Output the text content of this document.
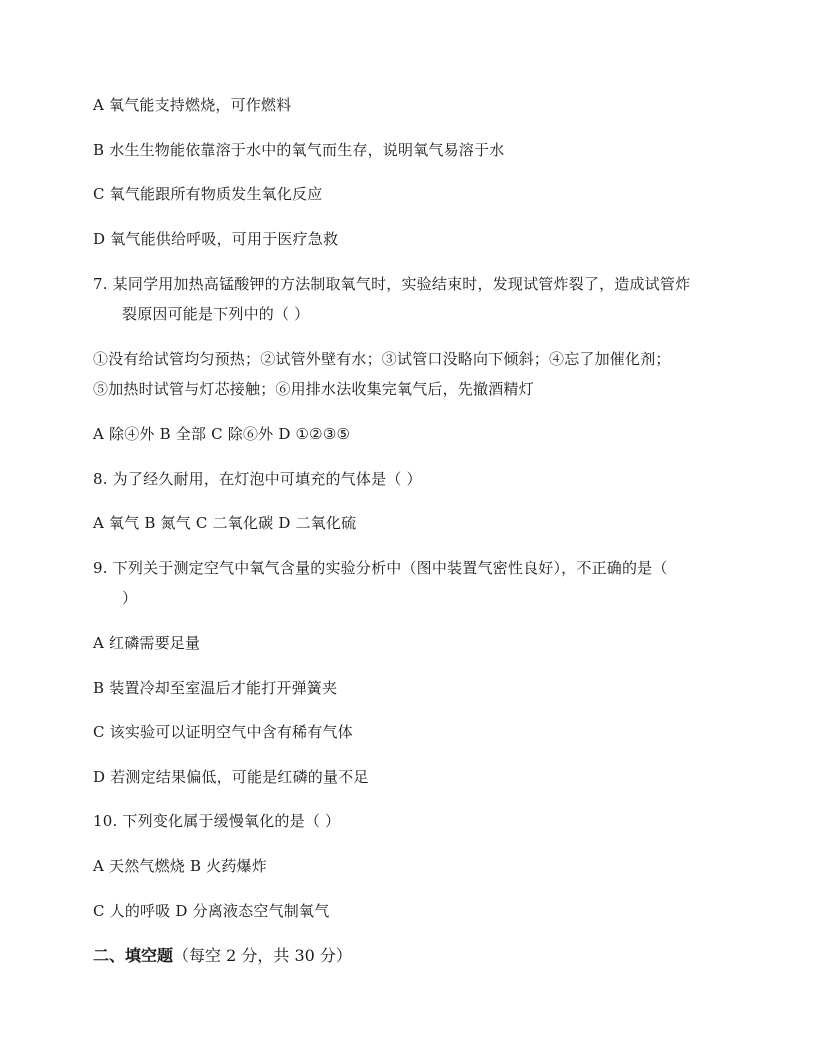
A 氧气能支持燃烧，可作燃料
B 水生生物能依靠溶于水中的氧气而生存，说明氧气易溶于水
C 氧气能跟所有物质发生氧化反应
D 氧气能供给呼吸，可用于医疗急救
7. 某同学用加热高锰酸钾的方法制取氧气时，实验结束时，发现试管炸裂了，造成试管炸
裂原因可能是下列中的（ ）
①没有给试管均匀预热；②试管外壁有水；③试管口没略向下倾斜；④忘了加催化剂；
⑤加热时试管与灯芯接触；⑥用排水法收集完氧气后，先撤酒精灯
A 除④外 B 全部 C 除⑥外 D ①②③⑤
8. 为了经久耐用，在灯泡中可填充的气体是（ ）
A 氧气 B 氮气 C 二氧化碳 D 二氧化硫
9. 下列关于测定空气中氧气含量的实验分析中（图中装置气密性良好），不正确的是（
）
A 红磷需要足量
B 装置冷却至室温后才能打开弹簧夹
C 该实验可以证明空气中含有稀有气体
D 若测定结果偏低，可能是红磷的量不足
10. 下列变化属于缓慢氧化的是（ ）
A 天然气燃烧 B 火药爆炸
C 人的呼吸 D 分离液态空气制氧气
二、填空题（每空 2 分，共 30 分）
